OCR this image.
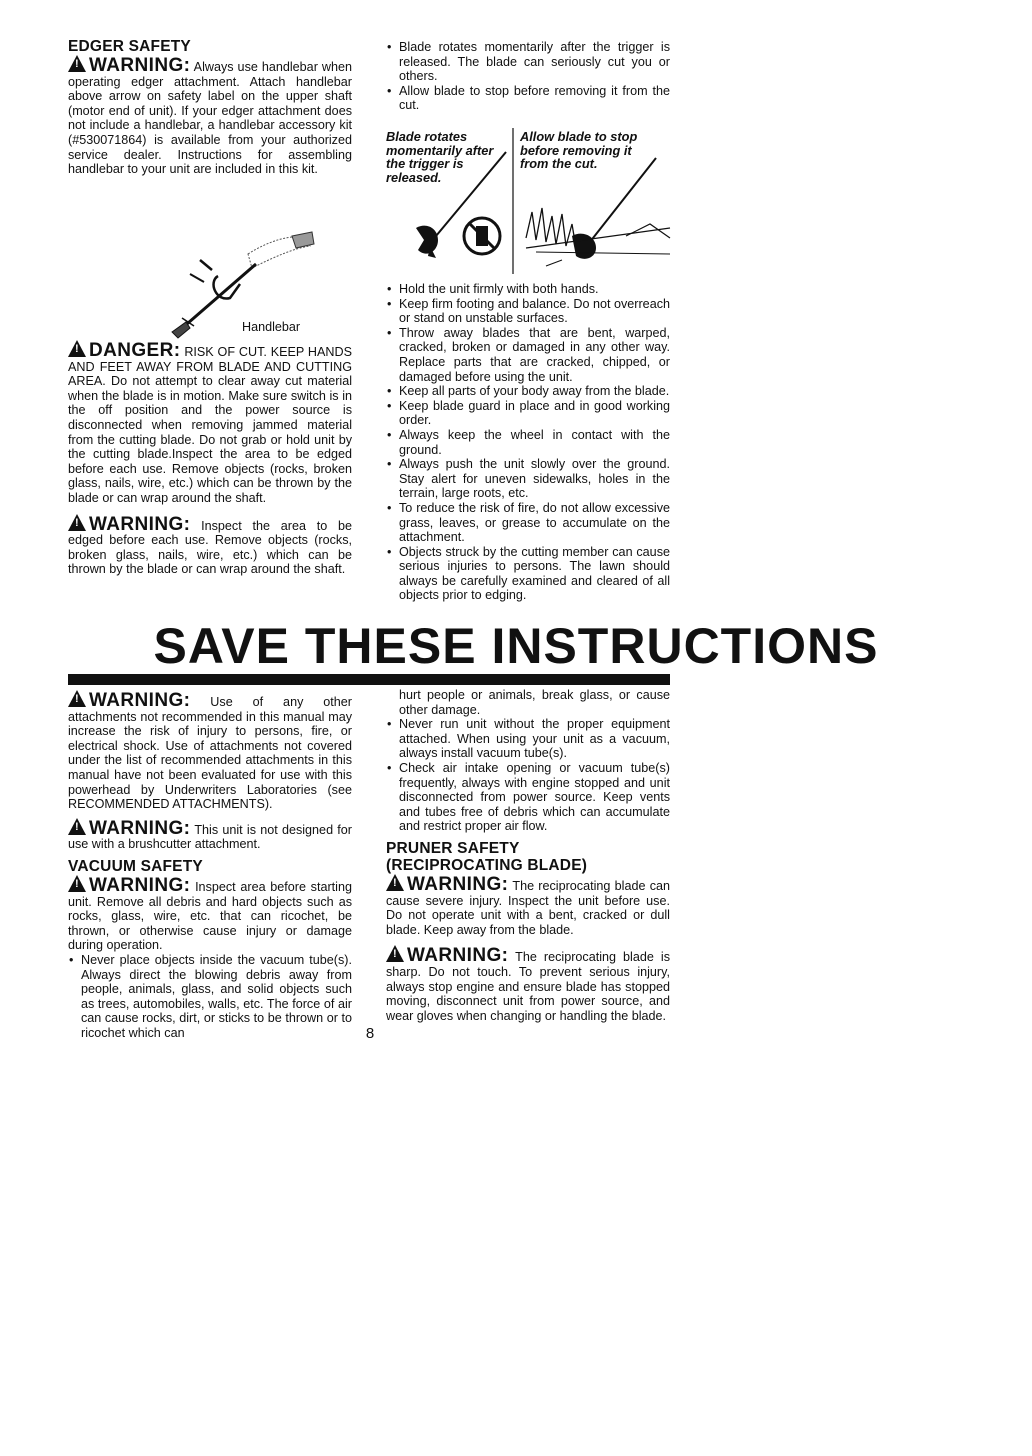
EDGER SAFETY

!WARNING: Always use handlebar when operating edger attachment. Attach handlebar above arrow on safety label on the upper shaft (motor end of unit). If your edger attachment does not include a handlebar, a handlebar accessory kit (#530071864) is available from your authorized service dealer. Instructions for assembling handlebar to your unit are included in this kit.

Handlebar

!DANGER: RISK OF CUT. KEEP HANDS AND FEET AWAY FROM BLADE AND CUTTING AREA. Do not attempt to clear away cut material when the blade is in motion. Make sure switch is in the off position and the power source is disconnected when removing jammed material from the cutting blade. Do not grab or hold unit by the cutting blade.Inspect the area to be edged before each use. Remove objects (rocks, broken glass, nails, wire, etc.) which can be thrown by the blade or can wrap around the shaft.

!WARNING: Inspect the area to be edged before each use. Remove objects (rocks, broken glass, nails, wire, etc.) which can be thrown by the blade or can wrap around the shaft.

• Blade rotates momentarily after the trigger is released. The blade can seriously cut you or others.
• Allow blade to stop before removing it from the cut.
Blade rotates momentarily after the trigger is released.
Allow blade to stop before removing it from the cut.
• Hold the unit firmly with both hands.
• Keep firm footing and balance. Do not overreach or stand on unstable surfaces.
• Throw away blades that are bent, warped, cracked, broken or damaged in any other way. Replace parts that are cracked, chipped, or damaged before using the unit.
• Keep all parts of your body away from the blade.
• Keep blade guard in place and in good working order.
• Always keep the wheel in contact with the ground.
• Always push the unit slowly over the ground. Stay alert for uneven sidewalks, holes in the terrain, large roots, etc.
• To reduce the risk of fire, do not allow excessive grass, leaves, or grease to accumulate on the attachment.
• Objects struck by the cutting member can cause serious injuries to persons. The lawn should always be carefully examined and cleared of all objects prior to edging.
SAVE THESE INSTRUCTIONS

!WARNING: Use of any other attachments not recommended in this manual may increase the risk of injury to persons, fire, or electrical shock. Use of attachments not covered under the list of recommended attachments in this manual have not been evaluated for use with this powerhead by Underwriters Laboratories (see RECOMMENDED ATTACHMENTS).

!WARNING: This unit is not designed for use with a brushcutter attachment.

VACUUM SAFETY

!WARNING: Inspect area before starting unit. Remove all debris and hard objects such as rocks, glass, wire, etc. that can ricochet, be thrown, or otherwise cause injury or damage during operation.

• Never place objects inside the vacuum tube(s). Always direct the blowing debris away from people, animals, glass, and solid objects such as trees, automobiles, walls, etc. The force of air can cause rocks, dirt, or sticks to be thrown or to ricochet which can

hurt people or animals, break glass, or cause other damage.

• Never run unit without the proper equipment attached. When using your unit as a vacuum, always install vacuum tube(s).
• Check air intake opening or vacuum tube(s) frequently, always with engine stopped and unit disconnected from power source. Keep vents and tubes free of debris which can accumulate and restrict proper air flow.

PRUNER SAFETY (RECIPROCATING BLADE)

!WARNING: The reciprocating blade can cause severe injury. Inspect the unit before use. Do not operate unit with a bent, cracked or dull blade. Keep away from the blade.

!WARNING: The reciprocating blade is sharp. Do not touch. To prevent serious injury, always stop engine and ensure blade has stopped moving, disconnect unit from power source, and wear gloves when changing or handling the blade.

8
